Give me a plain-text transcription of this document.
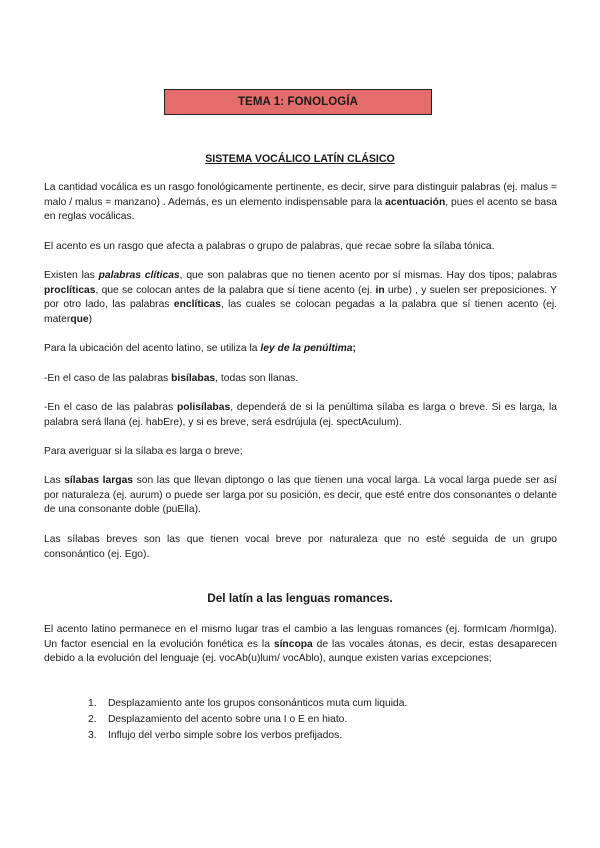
TEMA 1: FONOLOGÍA
SISTEMA VOCÁLICO LATÍN CLÁSICO

La cantidad vocálica es un rasgo fonológicamente pertinente, es decir, sirve para distinguir palabras (ej. malus = malo / malus = manzano) . Además, es un elemento indispensable para la acentuación, pues el acento se basa en reglas vocálicas.

El acento es un rasgo que afecta a palabras o grupo de palabras, que recae sobre la sílaba tónica.

Existen las palabras clíticas, que son palabras que no tienen acento por sí mismas. Hay dos tipos; palabras proclíticas, que se colocan antes de la palabra que sí tiene acento (ej. in urbe) , y suelen ser preposiciones. Y por otro lado, las palabras enclíticas, las cuales se colocan pegadas a la palabra que sí tienen acento (ej. materque)

Para la ubicación del acento latino, se utiliza la ley de la penúltima;

-En el caso de las palabras bisílabas, todas son llanas.

-En el caso de las palabras polisílabas, dependerá de si la penúltima sílaba es larga o breve. Si es larga, la palabra será llana (ej. habEre), y si es breve, será esdrújula (ej. spectAculum).

Para averiguar si la sílaba es larga o breve;

Las sílabas largas son las que llevan diptongo o las que tienen una vocal larga. La vocal larga puede ser así por naturaleza (ej. aurum) o puede ser larga por su posición, es decir, que esté entre dos consonantes o delante de una consonante doble (puElla).

Las sílabas breves son las que tienen vocal breve por naturaleza que no esté seguida de un grupo consonántico (ej. Ego).

Del latín a las lenguas romances.

El acento latino permanece en el mismo lugar tras el cambio a las lenguas romances (ej. formIcam /hormIga). Un factor esencial en la evolución fonética es la síncopa de las vocales átonas, es decir, estas desaparecen debido a la evolución del lenguaje (ej. vocAb(u)lum/ vocAblo), aunque existen varias excepciones;

1.	Desplazamiento ante los grupos consonánticos muta cum liquida.
2.	Desplazamiento del acento sobre una I o E en hiato.
3.	Influjo del verbo simple sobre los verbos prefijados.
